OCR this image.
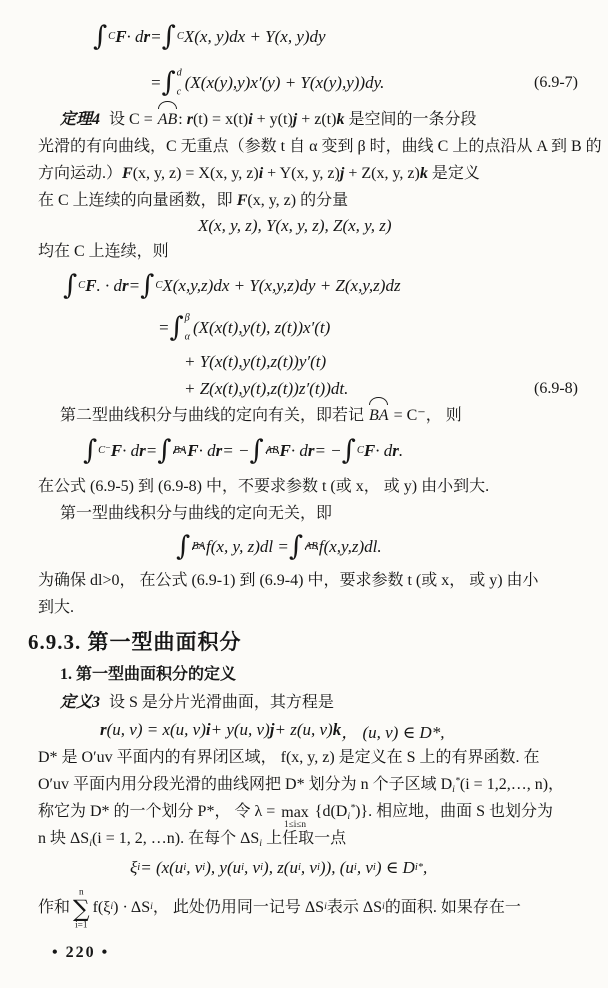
∫ C F · d r = ∫ C X(x, y)dx + Y(x, y)dy
= ∫ d
c
(X(x(y),y)x′(y) + Y(x(y),y))dy.	(6.9-7)
定理4 设 C = AB: r(t) = x(t)i + y(t)j + z(t)k 是空间的一条分段
光滑的有向曲线，C 无重点（参数 t 自 α 变到 β 时，曲线 C 上的点沿从 A 到 B 的
方向运动.）F(x, y, z) = X(x, y, z)i + Y(x, y, z)j + Z(x, y, z)k 是定义
在 C 上连续的向量函数，即 F(x, y, z) 的分量
X(x, y, z), Y(x, y, z), Z(x, y, z)
均在 C 上连续，则
∫ C F . · d r = ∫ C X(x,y,z)dx + Y(x,y,z)dy + Z(x,y,z)dz
= ∫ β
α
(X(x(t),y(t), z(t))x′(t)
+ Y(x(t),y(t),z(t))y′(t)
+ Z(x(t),y(t),z(t))z′(t))dt.	(6.9-8)
第二型曲线积分与曲线的定向有关，即若记 BA = C⁻， 则
∫ C⁻ F · d r = ∫ BA F · d r = − ∫ AB F · d r = − ∫ C F · d r .
在公式 (6.9-5) 到 (6.9-8) 中，不要求参数 t (或 x， 或 y) 由小到大.
第一型曲线积分与曲线的定向无关，即
∫ BA f(x, y, z)dl = ∫ AB f(x,y,z)dl.
为确保 dl>0， 在公式 (6.9-1) 到 (6.9-4) 中，要求参数 t (或 x， 或 y) 由小
到大.
6.9.3. 第一型曲面积分
1. 第一型曲面积分的定义
定义3 设 S 是分片光滑曲面，其方程是
r (u, v) = x(u, v) i + y(u, v) j + z(u, v) k ， (u, v) ∈ D*,
D* 是 O′uv 平面内的有界闭区域， f(x, y, z) 是定义在 S 上的有界函数. 在
O′uv 平面内用分段光滑的曲线网把 D* 划分为 n 个子区域 $D_i^*(i$ = 1,2,…, n)，
称它为 D* 的一个划分 P*， 令 λ = max
1≤i≤n
$\{d(D_i^*)\}$. 相应地，曲面 S 也划分为
n 块 $\Delta S_i(i = 1$, 2, …n). 在每个 $\Delta S_i$ 上任取一点
ξ i = (x(u i , v i ), y(u i , v i ), z(u i , v i )), (u i , v i ) ∈ D i * ,
作和
n
∑
i=1
f(ξ i ) · ΔS i ， 此处仍用同一记号 ΔS i 表示 ΔS i 的面积. 如果存在一
• 220 •
